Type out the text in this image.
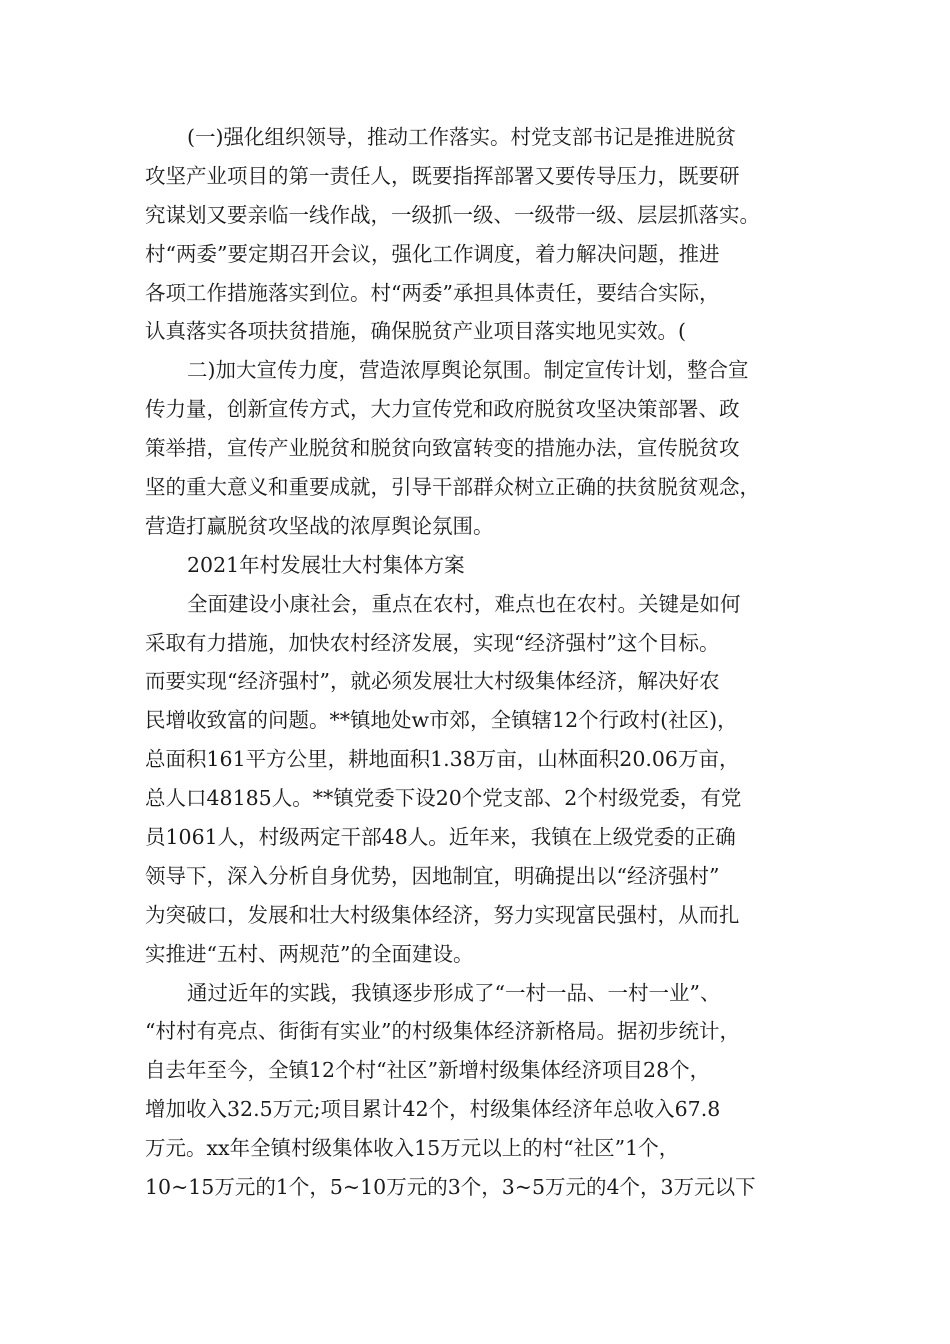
(一)强化组织领导，推动工作落实。村党支部书记是推进脱贫
攻坚产业项目的第一责任人，既要指挥部署又要传导压力，既要研
究谋划又要亲临一线作战，一级抓一级、一级带一级、层层抓落实。
村“两委”要定期召开会议，强化工作调度，着力解决问题，推进
各项工作措施落实到位。村“两委”承担具体责任，要结合实际，
认真落实各项扶贫措施，确保脱贫产业项目落实地见实效。(
二)加大宣传力度，营造浓厚舆论氛围。制定宣传计划，整合宣
传力量，创新宣传方式，大力宣传党和政府脱贫攻坚决策部署、政
策举措，宣传产业脱贫和脱贫向致富转变的措施办法，宣传脱贫攻
坚的重大意义和重要成就，引导干部群众树立正确的扶贫脱贫观念，
营造打赢脱贫攻坚战的浓厚舆论氛围。
2021年村发展壮大村集体方案
全面建设小康社会，重点在农村，难点也在农村。关键是如何
采取有力措施，加快农村经济发展，实现“经济强村”这个目标。
而要实现“经济强村”，就必须发展壮大村级集体经济，解决好农
民增收致富的问题。**镇地处w市郊，全镇辖12个行政村(社区)，
总面积161平方公里，耕地面积1.38万亩，山林面积20.06万亩，
总人口48185人。**镇党委下设20个党支部、2个村级党委，有党
员1061人，村级两定干部48人。近年来，我镇在上级党委的正确
领导下，深入分析自身优势，因地制宜，明确提出以“经济强村”
为突破口，发展和壮大村级集体经济，努力实现富民强村，从而扎
实推进“五村、两规范”的全面建设。
通过近年的实践，我镇逐步形成了“一村一品、一村一业”、
“村村有亮点、街街有实业”的村级集体经济新格局。据初步统计，
自去年至今，全镇12个村“社区”新增村级集体经济项目28个，
增加收入32.5万元;项目累计42个，村级集体经济年总收入67.8
万元。xx年全镇村级集体收入15万元以上的村“社区”1个，
10~15万元的1个，5~10万元的3个，3~5万元的4个，3万元以下
